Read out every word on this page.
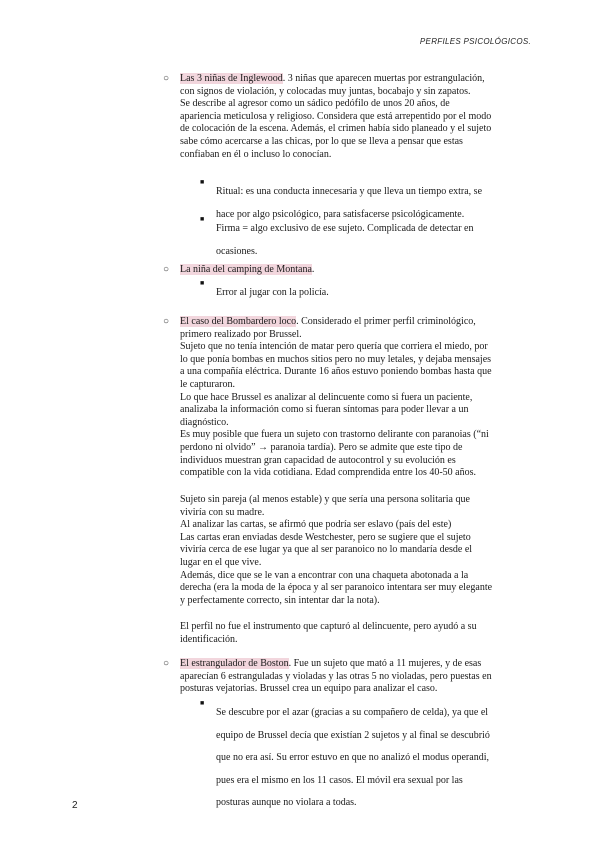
PERFILES PSICOLÓGICOS.
○ Las 3 niñas de Inglewood. 3 niñas que aparecen muertas por estrangulación,

con signos de violación, y colocadas muy juntas, bocabajo y sin zapatos.

Se describe al agresor como un sádico pedófilo de unos 20 años, de

apariencia meticulosa y religioso. Considera que está arrepentido por el modo

de colocación de la escena. Además, el crimen había sido planeado y el sujeto

sabe cómo acercarse a las chicas, por lo que se lleva a pensar que estas

confiaban en él o incluso lo conocían.

■

Ritual: es una conducta innecesaria y que lleva un tiempo extra, se

hace por algo psicológico, para satisfacerse psicológicamente.

■

Firma = algo exclusivo de ese sujeto. Complicada de detectar en

ocasiones.

○ La niña del camping de Montana.

■

Error al jugar con la policía.

○ El caso del Bombardero loco. Considerado el primer perfil criminológico,

primero realizado por Brussel.

Sujeto que no tenía intención de matar pero quería que corriera el miedo, por

lo que ponía bombas en muchos sitios pero no muy letales, y dejaba mensajes

a una compañía eléctrica. Durante 16 años estuvo poniendo bombas hasta que

le capturaron.

Lo que hace Brussel es analizar al delincuente como si fuera un paciente,

analizaba la información como si fueran síntomas para poder llevar a un

diagnóstico.

Es muy posible que fuera un sujeto con trastorno delirante con paranoias (“ni

perdono ni olvido” → paranoia tardía). Pero se admite que este tipo de

individuos muestran gran capacidad de autocontrol y su evolución es

compatible con la vida cotidiana. Edad comprendida entre los 40-50 años.

Sujeto sin pareja (al menos estable) y que sería una persona solitaria que

viviría con su madre.

Al analizar las cartas, se afirmó que podría ser eslavo (país del este)

Las cartas eran enviadas desde Westchester, pero se sugiere que el sujeto

viviría cerca de ese lugar ya que al ser paranoico no lo mandaría desde el

lugar en el que vive.

Además, dice que se le van a encontrar con una chaqueta abotonada a la

derecha (era la moda de la época y al ser paranoico intentara ser muy elegante

y perfectamente correcto, sin intentar dar la nota).

El perfil no fue el instrumento que capturó al delincuente, pero ayudó a su

identificación.

○ El estrangulador de Boston. Fue un sujeto que mató a 11 mujeres, y de esas

aparecían 6 estranguladas y violadas y las otras 5 no violadas, pero puestas en

posturas vejatorias. Brussel crea un equipo para analizar el caso.

■

Se descubre por el azar (gracias a su compañero de celda), ya que el

equipo de Brussel decía que existían 2 sujetos y al final se descubrió

que no era así. Su error estuvo en que no analizó el modus operandi,

pues era el mismo en los 11 casos. El móvil era sexual por las

posturas aunque no violara a todas.

2
